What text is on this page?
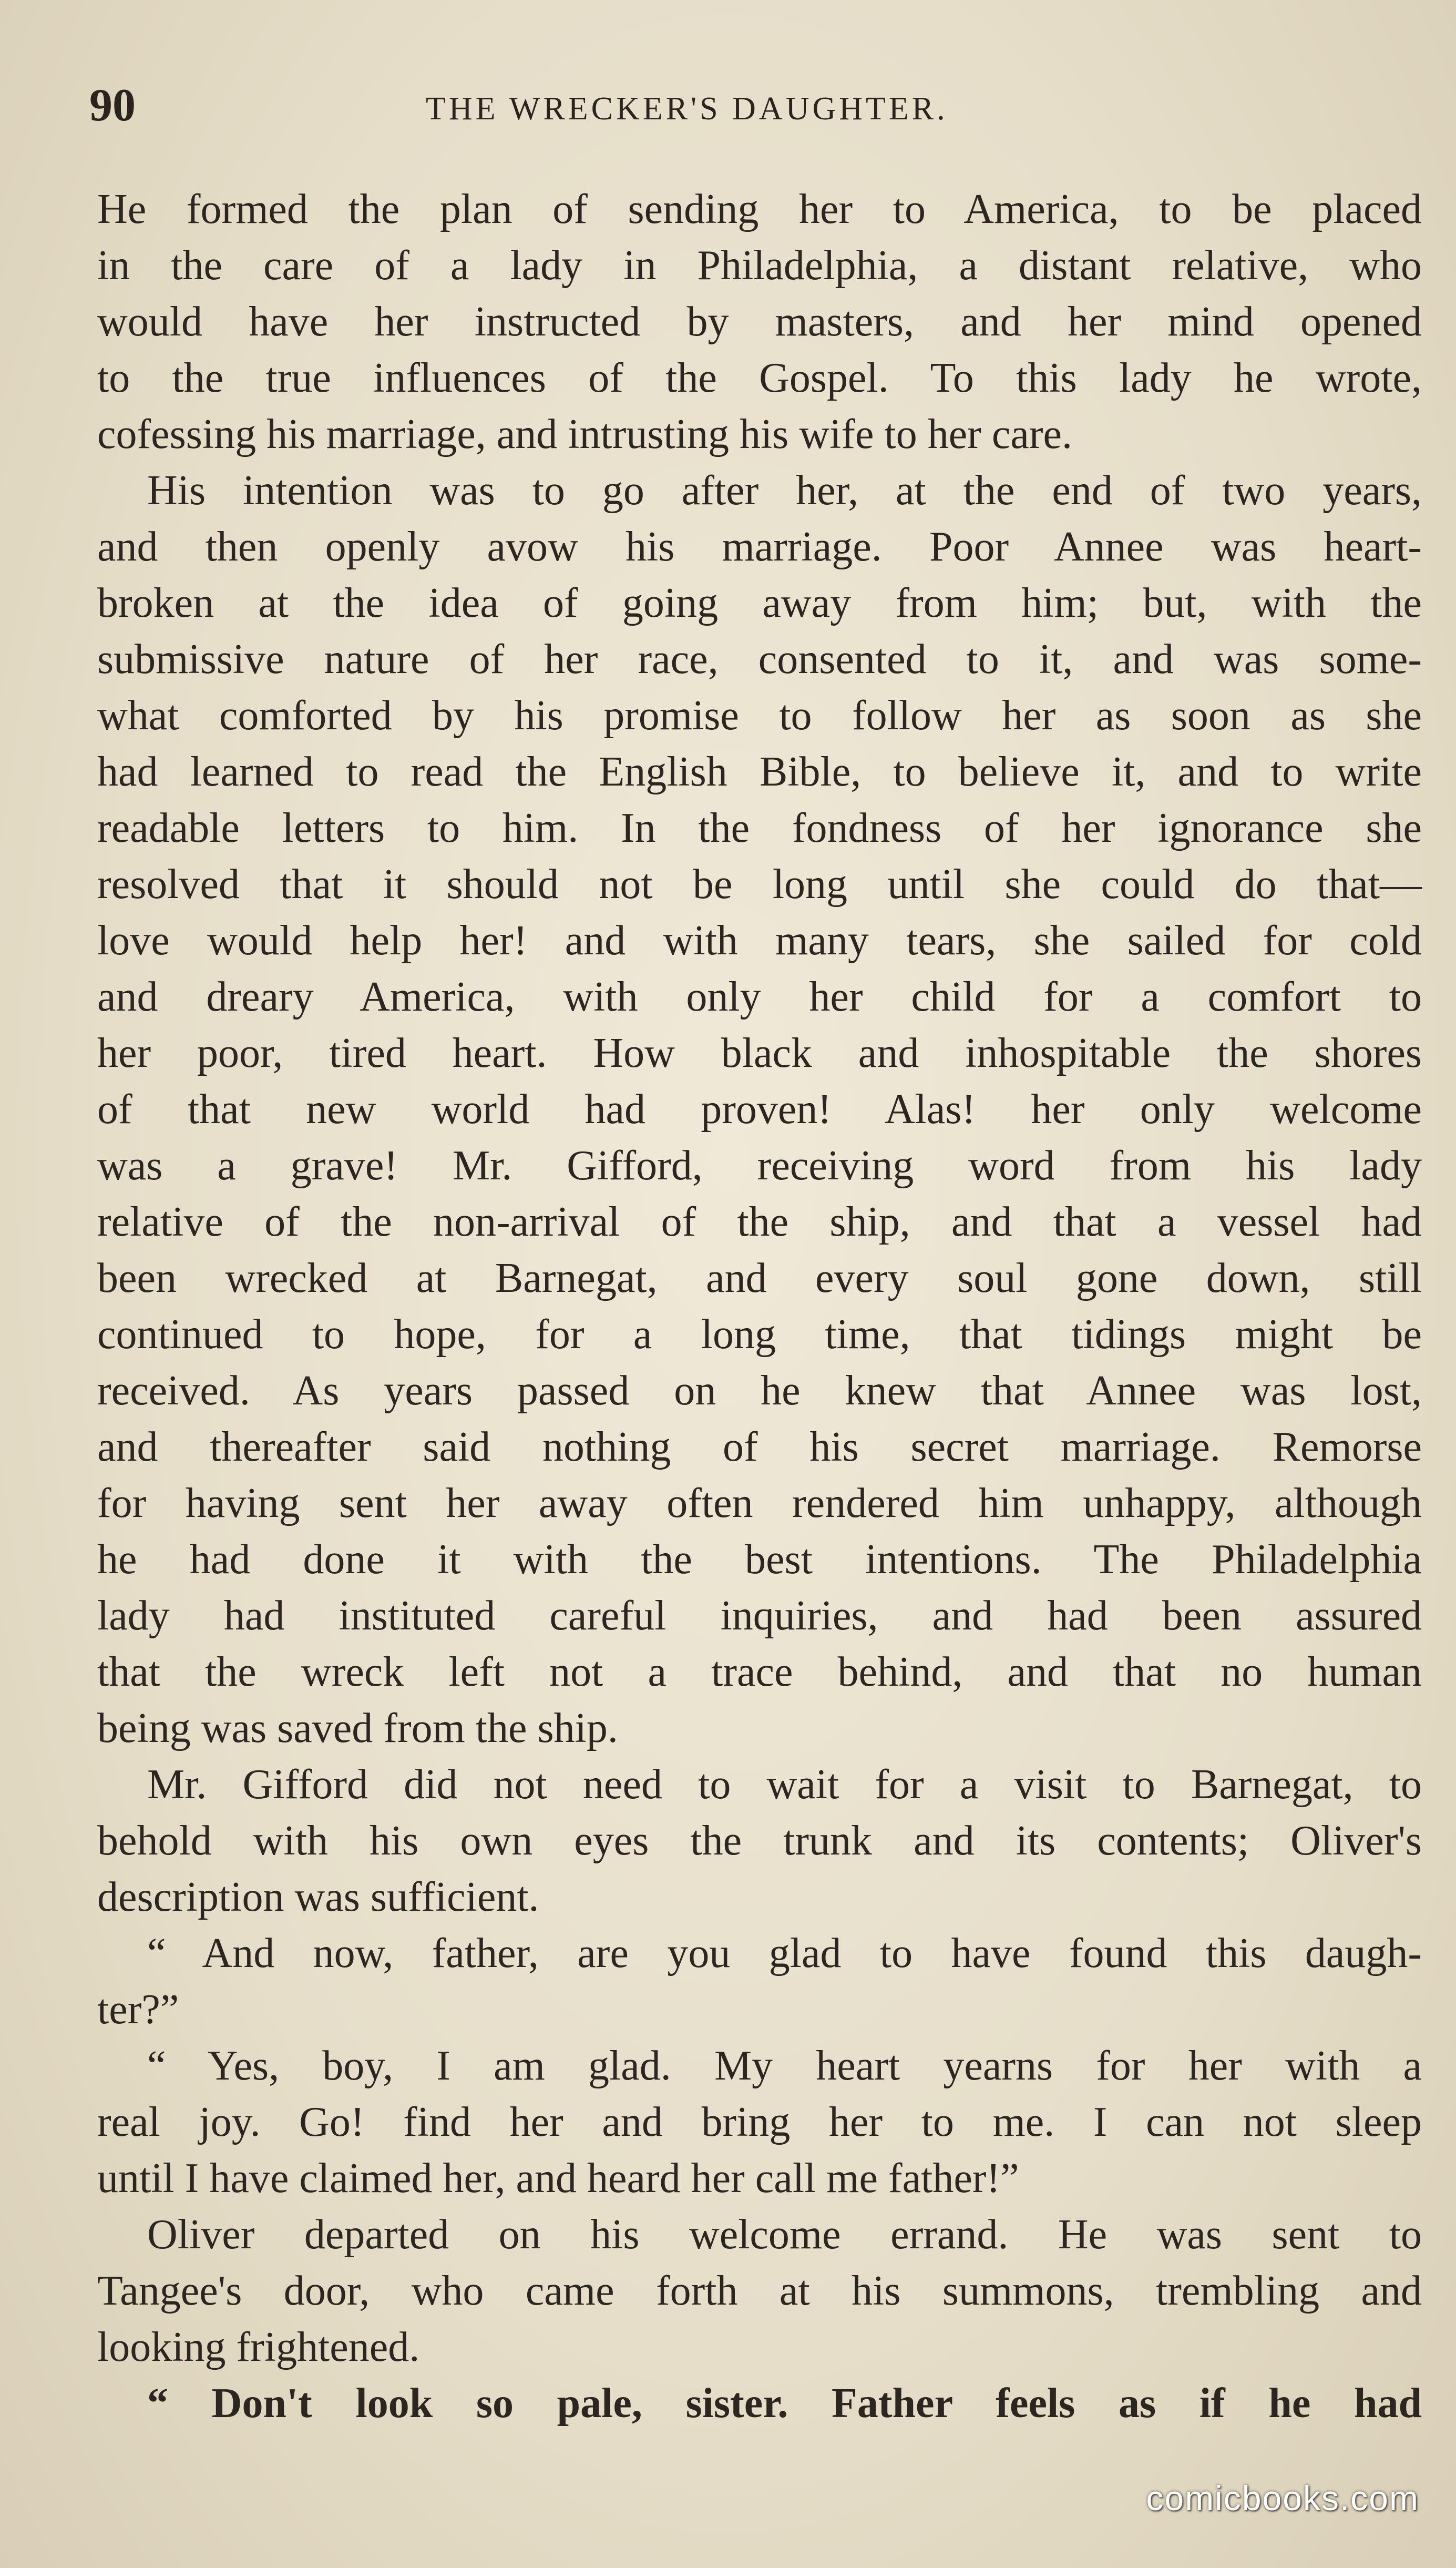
90	THE WRECKER'S DAUGHTER.

He formed the plan of sending her to America, to be placed
in the care of a lady in Philadelphia, a distant relative, who
would have her instructed by masters, and her mind opened
to the true influences of the Gospel. To this lady he wrote,
cofessing his marriage, and intrusting his wife to her care.

His intention was to go after her, at the end of two years,
and then openly avow his marriage. Poor Annee was heart-
broken at the idea of going away from him; but, with the
submissive nature of her race, consented to it, and was some-
what comforted by his promise to follow her as soon as she
had learned to read the English Bible, to believe it, and to write
readable letters to him. In the fondness of her ignorance she
resolved that it should not be long until she could do that—
love would help her! and with many tears, she sailed for cold
and dreary America, with only her child for a comfort to
her poor, tired heart. How black and inhospitable the shores
of that new world had proven! Alas! her only welcome
was a grave! Mr. Gifford, receiving word from his lady
relative of the non-arrival of the ship, and that a vessel had
been wrecked at Barnegat, and every soul gone down, still
continued to hope, for a long time, that tidings might be
received. As years passed on he knew that Annee was lost,
and thereafter said nothing of his secret marriage. Remorse
for having sent her away often rendered him unhappy, although
he had done it with the best intentions. The Philadelphia
lady had instituted careful inquiries, and had been assured
that the wreck left not a trace behind, and that no human
being was saved from the ship.

Mr. Gifford did not need to wait for a visit to Barnegat, to
behold with his own eyes the trunk and its contents; Oliver's
description was sufficient.

“ And now, father, are you glad to have found this daugh-
ter?”

“ Yes, boy, I am glad. My heart yearns for her with a
real joy. Go! find her and bring her to me. I can not sleep
until I have claimed her, and heard her call me father!”

Oliver departed on his welcome errand. He was sent to
Tangee's door, who came forth at his summons, trembling and
looking frightened.

“ Don't look so pale, sister. Father feels as if he had

comicbooks.com
